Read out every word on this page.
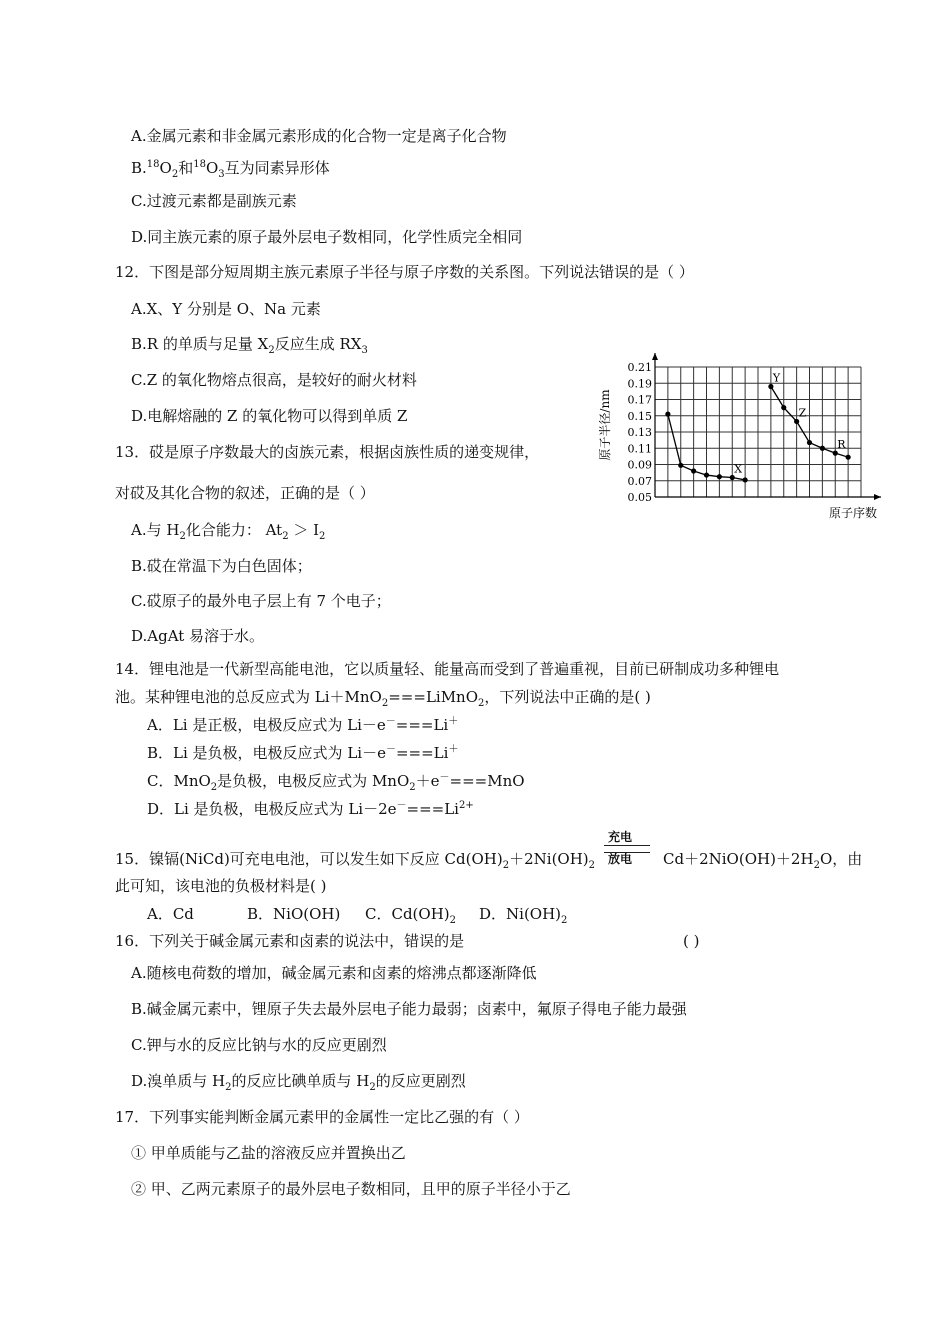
A.金属元素和非金属元素形成的化合物一定是离子化合物
$B.^{18}O_2$和$^{18}O_3$互为同素异形体
C.过渡元素都是副族元素
D.同主族元素的原子最外层电子数相同，化学性质完全相同
12．下图是部分短周期主族元素原子半径与原子序数的关系图。下列说法错误的是（ ）
A.X、Y 分别是 O、Na 元素
B.R 的单质与足量 $X_2$反应生成 $RX_3$
C.Z 的氧化物熔点很高，是较好的耐火材料
D.电解熔融的 Z 的氧化物可以得到单质 Z
0.21
0.19
0.17
0.15
0.13
0.11
0.09
0.07
0.05
X
Y
Z
R
原子半径/nm
原子序数
13．砹是原子序数最大的卤族元素，根据卤族性质的递变规律，
对砹及其化合物的叙述，正确的是（ ）
A.与 $H_2$化合能力： $At_2 > I_2$
B.砹在常温下为白色固体；
C.砹原子的最外电子层上有 7 个电子；
D.AgAt 易溶于水。
14．锂电池是一代新型高能电池，它以质量轻、能量高而受到了普遍重视，目前已研制成功多种锂电
池。某种锂电池的总反应式为 Li＋MnO$_2$===LiMnO$_2$，下列说法中正确的是( )
A．Li 是正极，电极反应式为 Li－e－===Li＋
B．Li 是负极，电极反应式为 Li－e－===Li＋
C．MnO$_2$是负极，电极反应式为 MnO$_2$＋e－===MnO
D．Li 是负极，电极反应式为 $Li-2e^-===Li^{2+}$
15．镍镉(NiCd)可充电电池，可以发生如下反应 $Cd(OH)_2+2Ni(OH)_2$
充电
放电 $Cd+2NiO(OH)+2H_2O$，由
此可知，该电池的负极材料是( )
A．Cd	B．NiO(OH) C．$Cd(OH)_2$ D．$Ni(OH)_2$
16．下列关于碱金属元素和卤素的说法中，错误的是	( )
A.随核电荷数的增加，碱金属元素和卤素的熔沸点都逐渐降低
B.碱金属元素中，锂原子失去最外层电子能力最弱；卤素中，氟原子得电子能力最强
C.钾与水的反应比钠与水的反应更剧烈
D.溴单质与 $H_2$的反应比碘单质与 $H_2$的反应更剧烈
17．下列事实能判断金属元素甲的金属性一定比乙强的有（ ）
① 甲单质能与乙盐的溶液反应并置换出乙
② 甲、乙两元素原子的最外层电子数相同，且甲的原子半径小于乙
